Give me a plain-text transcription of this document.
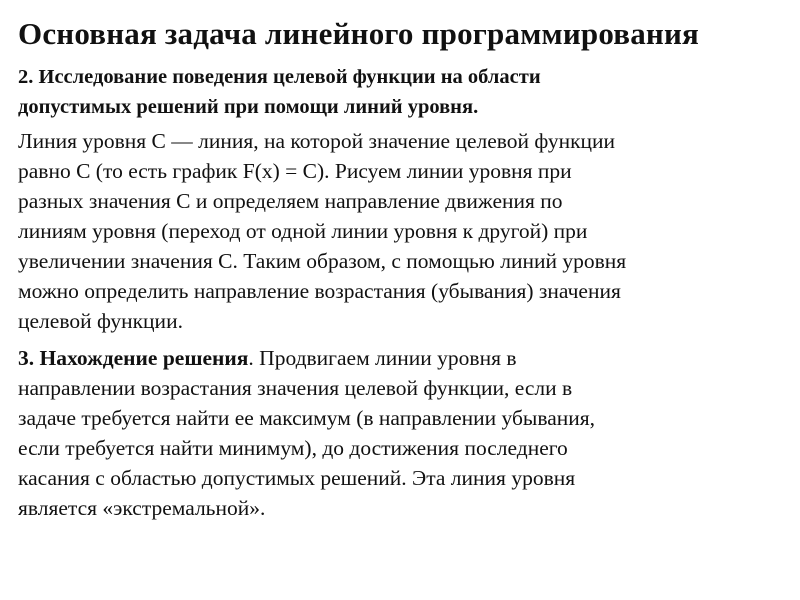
Основная задача линейного программирования
2. Исследование поведения целевой функции на области
допустимых решений при помощи линий уровня.
Линия уровня C — линия, на которой значение целевой функции
равно C (то есть график F(x) = C). Рисуем линии уровня при
разных значения C и определяем направление движения по
линиям уровня (переход от одной линии уровня к другой) при
увеличении значения C. Таким образом, с помощью линий уровня
можно определить направление возрастания (убывания) значения
целевой функции.
3. Нахождение решения. Продвигаем линии уровня в
направлении возрастания значения целевой функции, если в
задаче требуется найти ее максимум (в направлении убывания,
если требуется найти минимум), до достижения последнего
касания с областью допустимых решений. Эта линия уровня
является «экстремальной».
